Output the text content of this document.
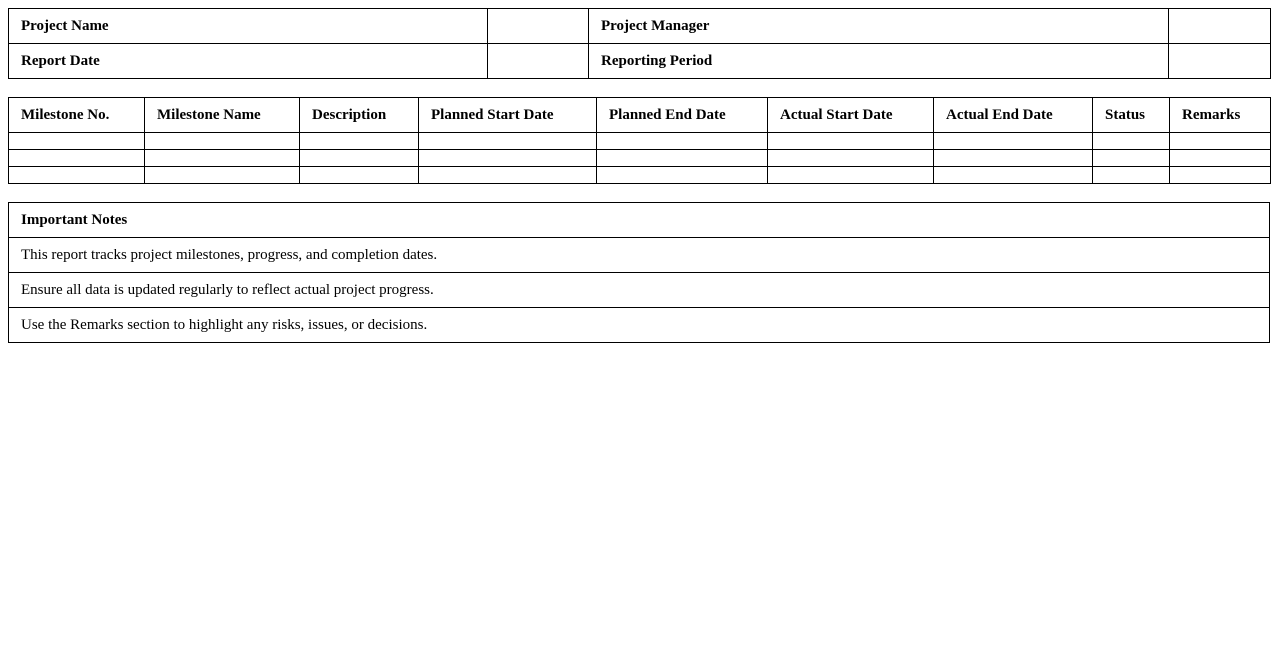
Project Name		Project Manager	
Report Date		Reporting Period	
Milestone No.	Milestone Name	Description	Planned Start Date	Planned End Date	Actual Start Date	Actual End Date	Status	Remarks

Important Notes
This report tracks project milestones, progress, and completion dates.
Ensure all data is updated regularly to reflect actual project progress.
Use the Remarks section to highlight any risks, issues, or decisions.
